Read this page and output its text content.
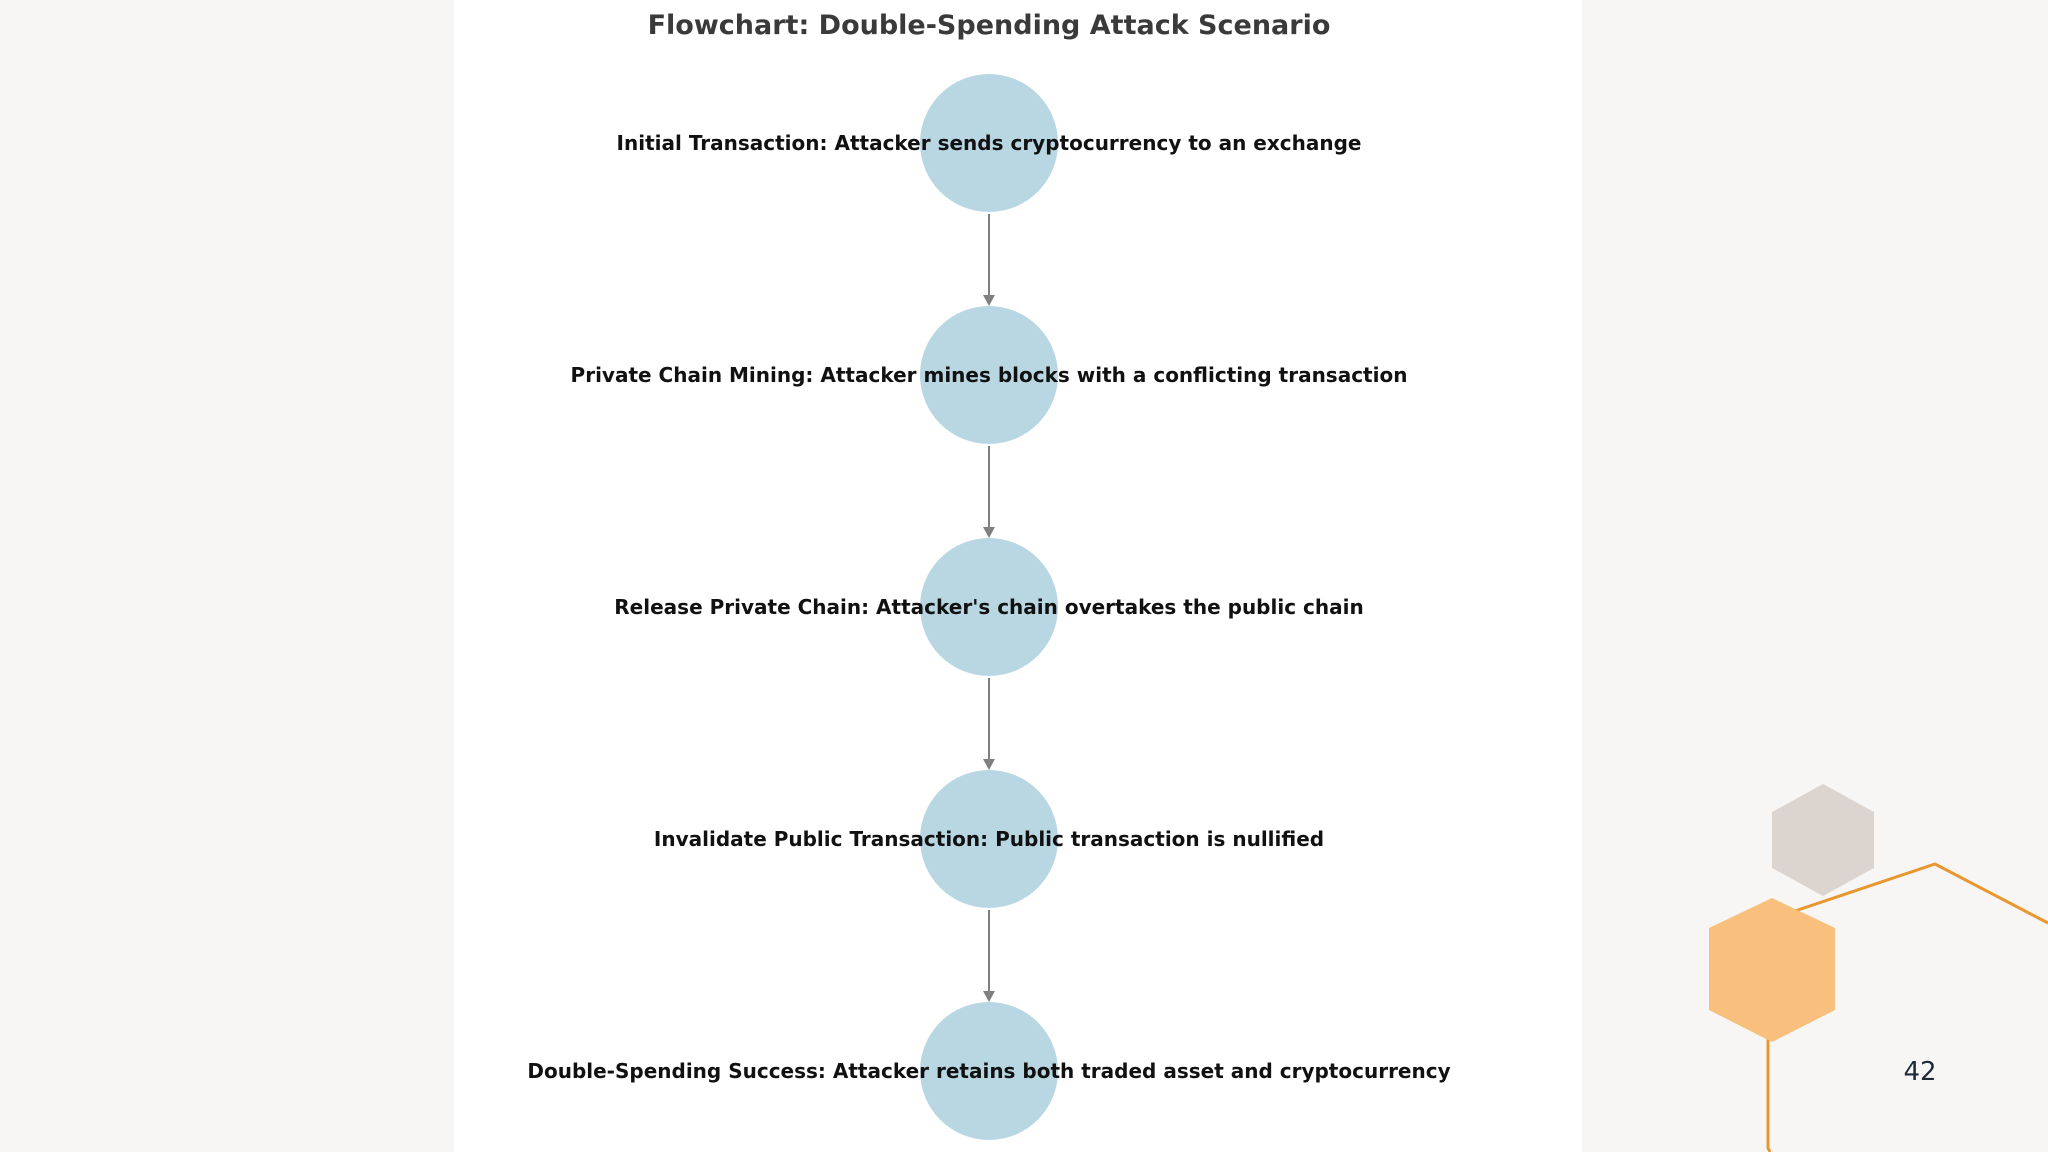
Flowchart: Double-Spending Attack Scenario
Initial Transaction: Attacker sends cryptocurrency to an exchange
Private Chain Mining: Attacker mines blocks with a conflicting transaction
Release Private Chain: Attacker's chain overtakes the public chain
Invalidate Public Transaction: Public transaction is nullified
Double-Spending Success: Attacker retains both traded asset and cryptocurrency	42
